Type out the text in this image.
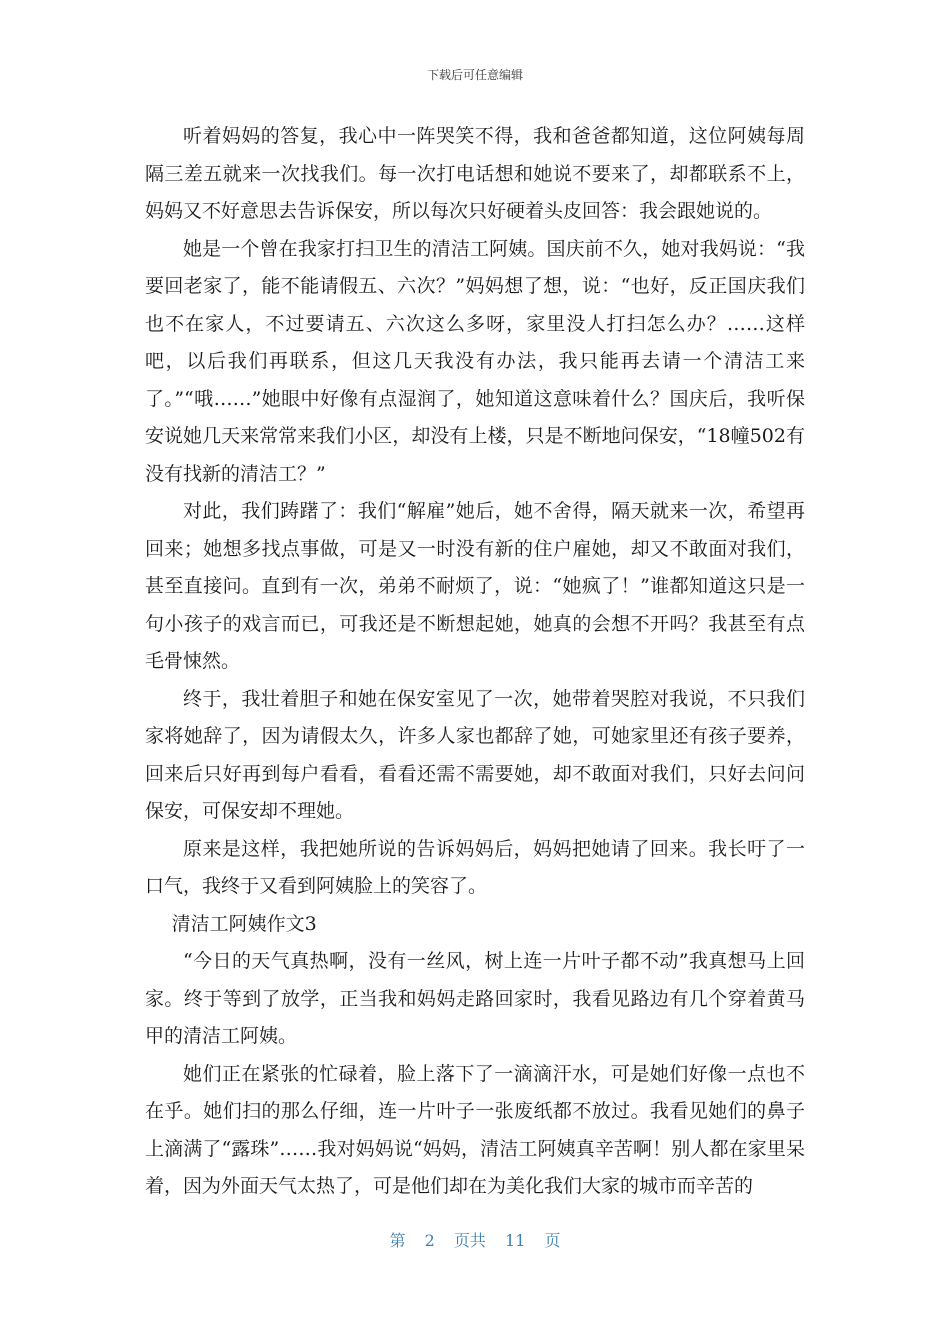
下载后可任意编辑

听着妈妈的答复，我心中一阵哭笑不得，我和爸爸都知道，这位阿姨每周隔三差五就来一次找我们。每一次打电话想和她说不要来了，却都联系不上，妈妈又不好意思去告诉保安，所以每次只好硬着头皮回答：我会跟她说的。

她是一个曾在我家打扫卫生的清洁工阿姨。国庆前不久，她对我妈说：“我要回老家了，能不能请假五、六次？”妈妈想了想，说：“也好，反正国庆我们也不在家人，不过要请五、六次这么多呀，家里没人打扫怎么办？……这样吧，以后我们再联系，但这几天我没有办法，我只能再去请一个清洁工来了。”“哦……”她眼中好像有点湿润了，她知道这意味着什么？国庆后，我听保安说她几天来常常来我们小区，却没有上楼，只是不断地问保安，“18幢502有没有找新的清洁工？”

对此，我们踌躇了：我们“解雇”她后，她不舍得，隔天就来一次，希望再回来；她想多找点事做，可是又一时没有新的住户雇她，却又不敢面对我们，甚至直接问。直到有一次，弟弟不耐烦了，说：“她疯了！”谁都知道这只是一句小孩子的戏言而已，可我还是不断想起她，她真的会想不开吗？我甚至有点毛骨悚然。

终于，我壮着胆子和她在保安室见了一次，她带着哭腔对我说，不只我们家将她辞了，因为请假太久，许多人家也都辞了她，可她家里还有孩子要养，回来后只好再到每户看看，看看还需不需要她，却不敢面对我们，只好去问问保安，可保安却不理她。

原来是这样，我把她所说的告诉妈妈后，妈妈把她请了回来。我长吁了一口气，我终于又看到阿姨脸上的笑容了。

清洁工阿姨作文3

“今日的天气真热啊，没有一丝风，树上连一片叶子都不动”我真想马上回家。终于等到了放学，正当我和妈妈走路回家时，我看见路边有几个穿着黄马甲的清洁工阿姨。

她们正在紧张的忙碌着，脸上落下了一滴滴汗水，可是她们好像一点也不在乎。她们扫的那么仔细，连一片叶子一张废纸都不放过。我看见她们的鼻子上滴满了“露珠”……我对妈妈说“妈妈，清洁工阿姨真辛苦啊！别人都在家里呆着，因为外面天气太热了，可是他们却在为美化我们大家的城市而辛苦的

第 2 页共 11 页
